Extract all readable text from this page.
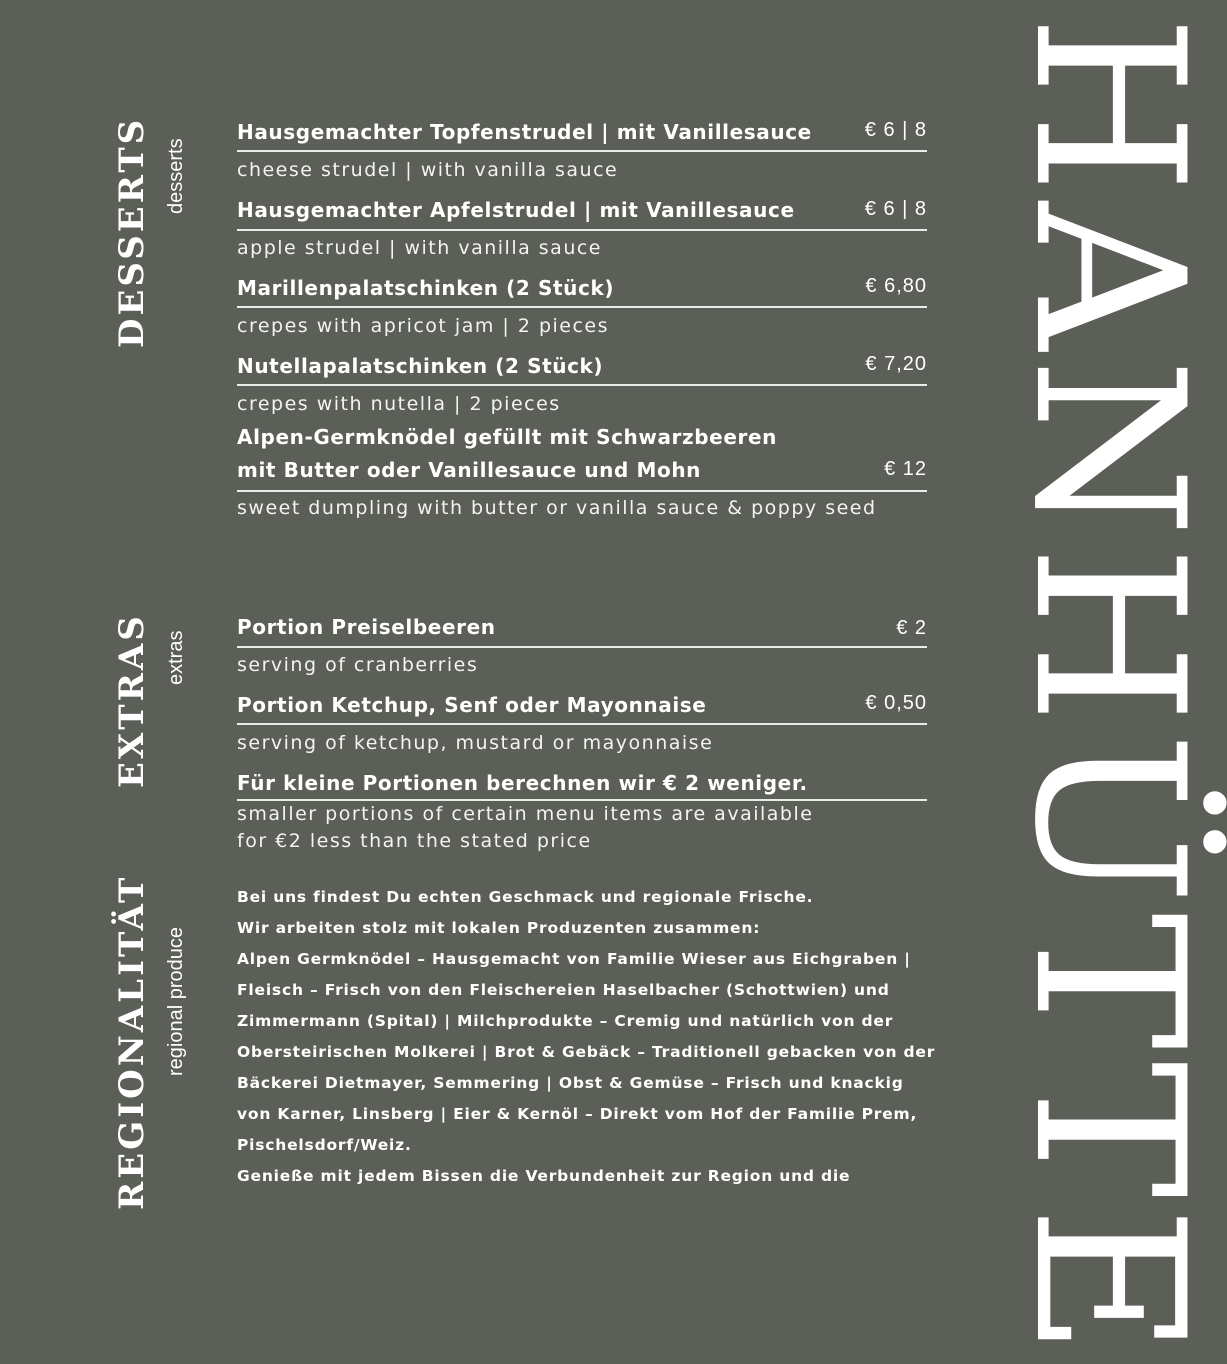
HANHÜTTE
DESSERTS desserts
Hausgemachter Topfenstrudel | mit Vanillesauce	€ 6 | 8
cheese strudel | with vanilla sauce
Hausgemachter Apfelstrudel | mit Vanillesauce	€ 6 | 8
apple strudel | with vanilla sauce
Marillenpalatschinken (2 Stück)	€ 6,80
crepes with apricot jam | 2 pieces
Nutellapalatschinken (2 Stück)	€ 7,20
crepes with nutella | 2 pieces
Alpen-Germknödel gefüllt mit Schwarzbeeren
mit Butter oder Vanillesauce und Mohn	€ 12
sweet dumpling with butter or vanilla sauce & poppy seed
EXTRAS extras
Portion Preiselbeeren	€ 2
serving of cranberries
Portion Ketchup, Senf oder Mayonnaise	€ 0,50
serving of ketchup, mustard or mayonnaise
Für kleine Portionen berechnen wir € 2 weniger.
smaller portions of certain menu items are available
for €2 less than the stated price
REGIONALITÄT regional produce

Bei uns findest Du echten Geschmack und regionale Frische.

Wir arbeiten stolz mit lokalen Produzenten zusammen:

Alpen Germknödel – Hausgemacht von Familie Wieser aus Eichgraben | Fleisch – Frisch von den Fleischereien Haselbacher (Schottwien) und Zimmermann (Spital) | Milchprodukte – Cremig und natürlich von der Obersteirischen Molkerei | Brot & Gebäck – Traditionell gebacken von der Bäckerei Dietmayer, Semmering | Obst & Gemüse – Frisch und knackig von Karner, Linsberg | Eier & Kernöl – Direkt vom Hof der Familie Prem, Pischelsdorf/Weiz.

Genieße mit jedem Bissen die Verbundenheit zur Region und die
